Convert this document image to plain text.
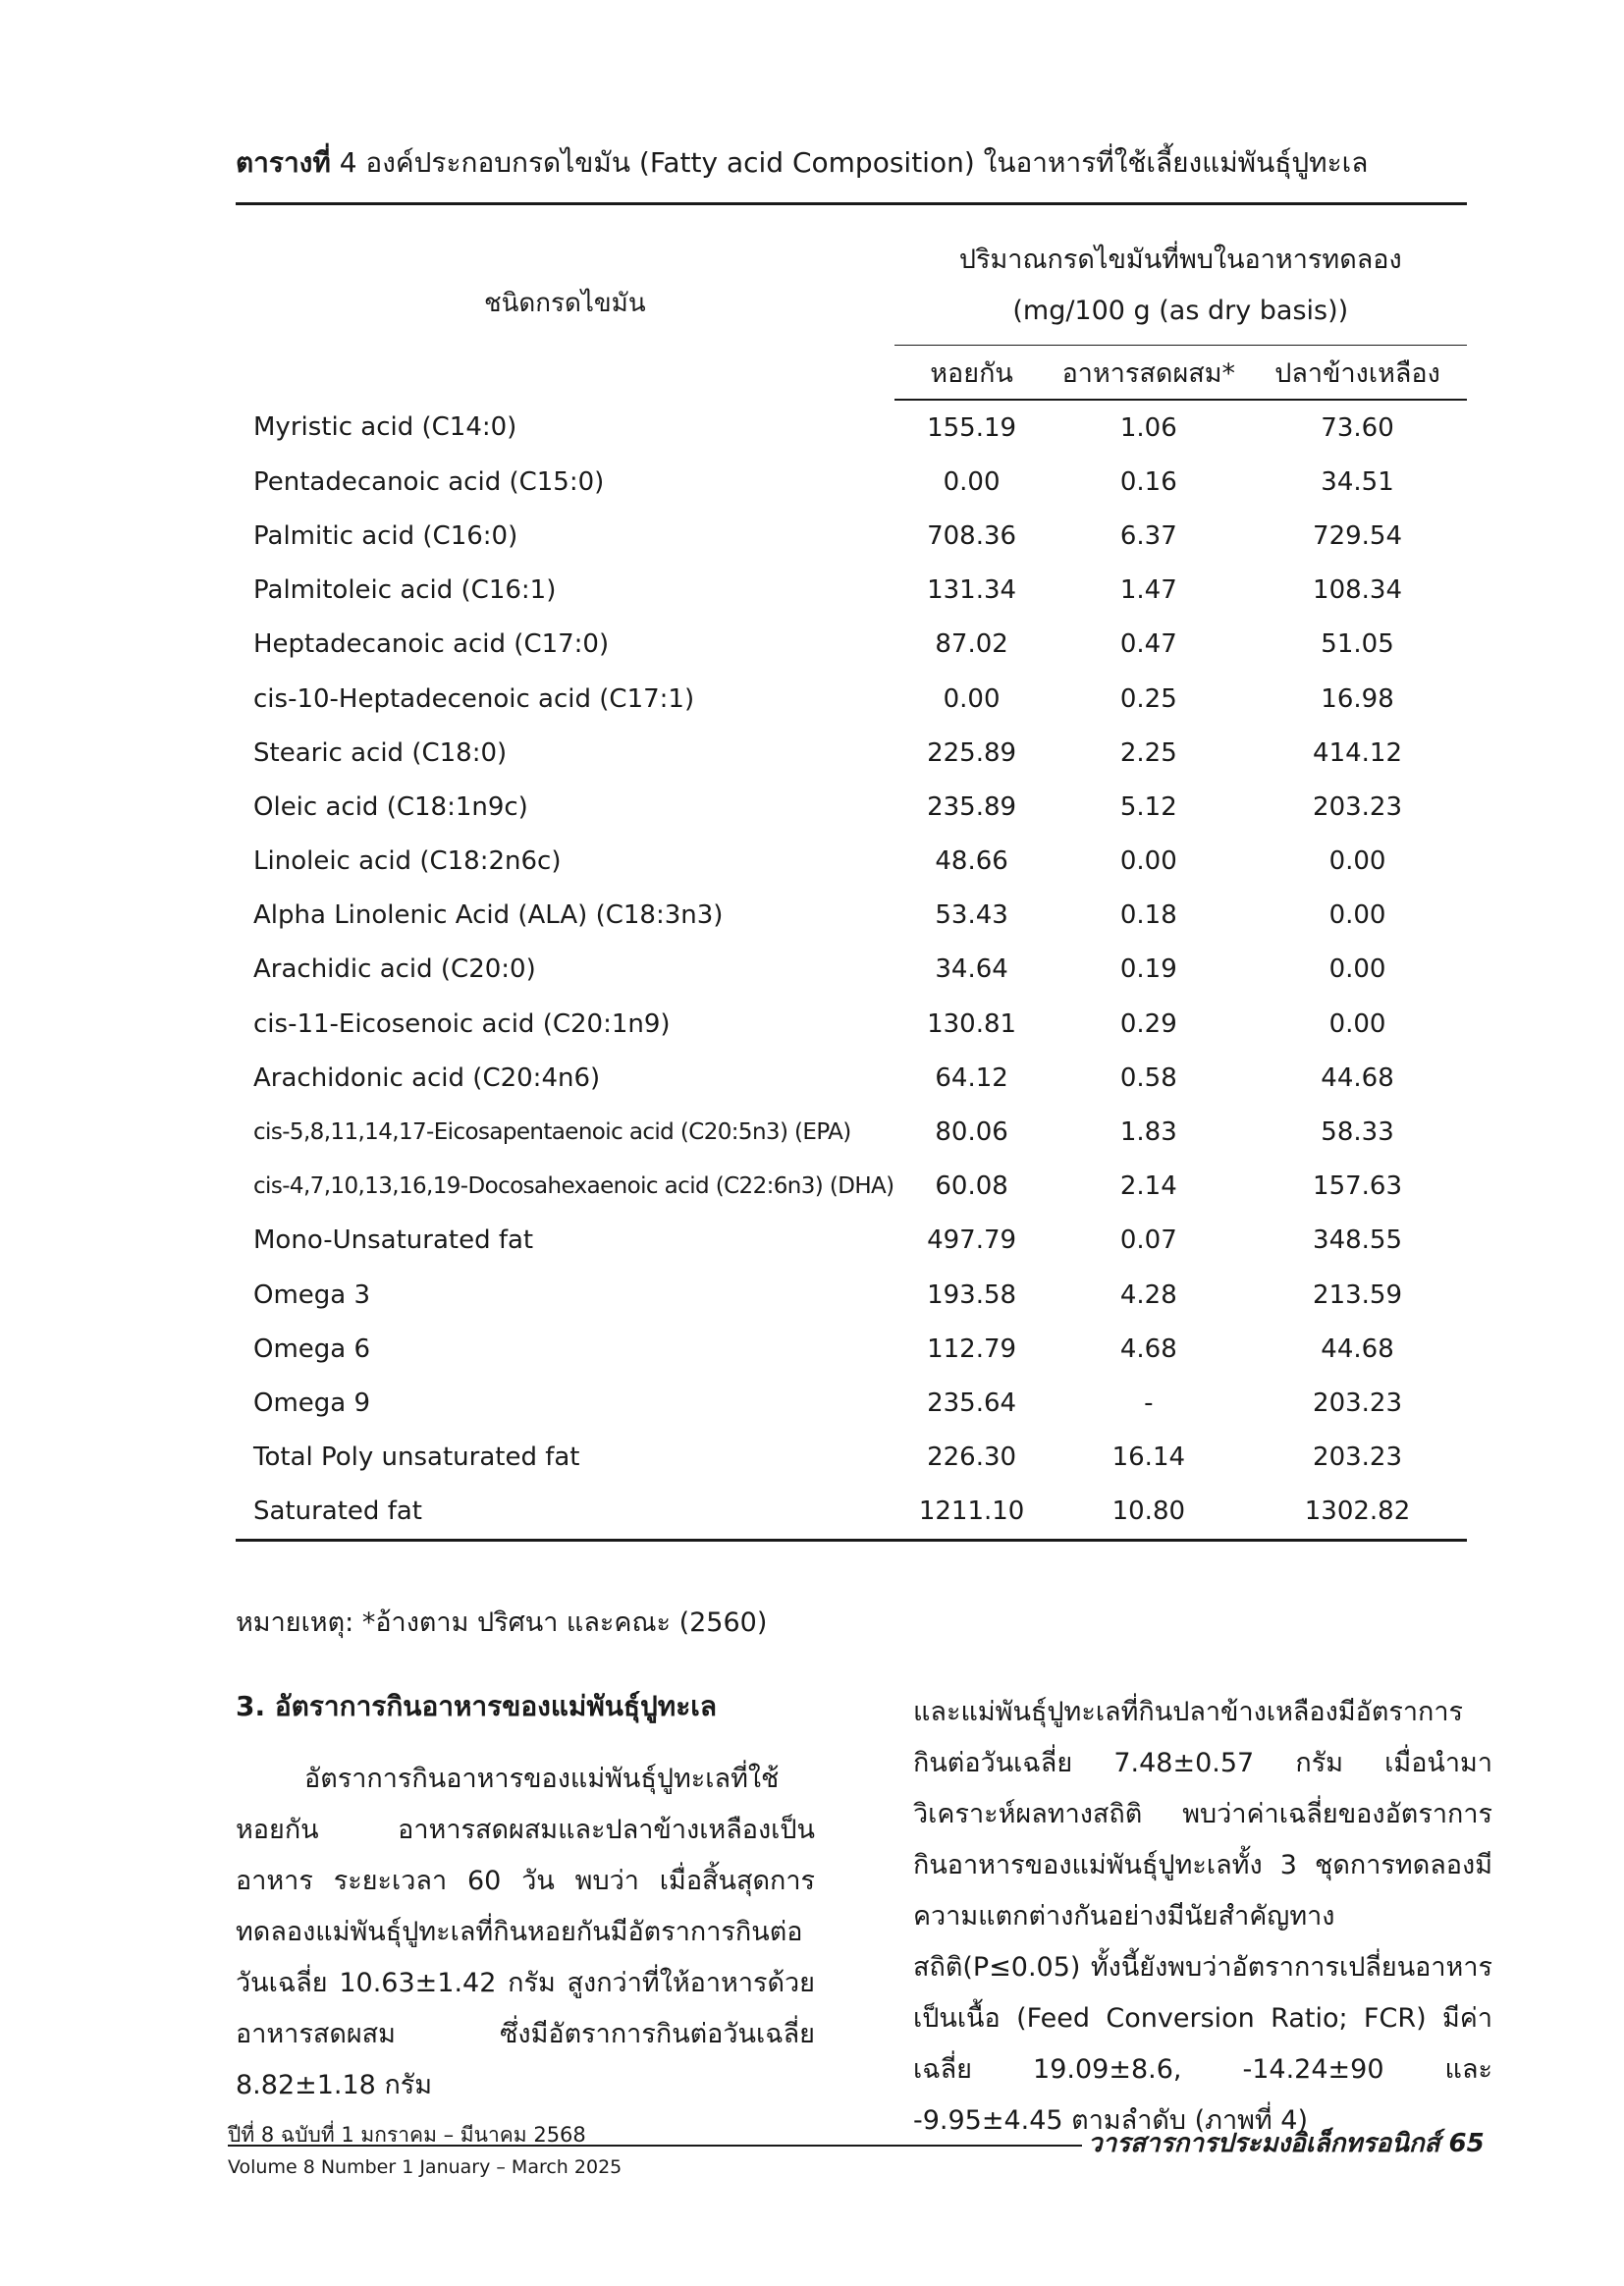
ตารางที่ 4 องค์ประกอบกรดไขมัน (Fatty acid Composition) ในอาหารที่ใช้เลี้ยงแม่พันธุ์ปูทะเล
ชนิดกรดไขมัน	ปริมาณกรดไขมันที่พบในอาหารทดลอง
(mg/100 g (as dry basis))		

	หอยกัน	อาหารสดผสม*	ปลาข้างเหลือง
Myristic acid (C14:0)	155.19	1.06	73.60
Pentadecanoic acid (C15:0)	0.00	0.16	34.51
Palmitic acid (C16:0)	708.36	6.37	729.54
Palmitoleic acid (C16:1)	131.34	1.47	108.34
Heptadecanoic acid (C17:0)	87.02	0.47	51.05
cis-10-Heptadecenoic acid (C17:1)	0.00	0.25	16.98
Stearic acid (C18:0)	225.89	2.25	414.12
Oleic acid (C18:1n9c)	235.89	5.12	203.23
Linoleic acid (C18:2n6c)	48.66	0.00	0.00
Alpha Linolenic Acid (ALA) (C18:3n3)	53.43	0.18	0.00
Arachidic acid (C20:0)	34.64	0.19	0.00
cis-11-Eicosenoic acid (C20:1n9)	130.81	0.29	0.00
Arachidonic acid (C20:4n6)	64.12	0.58	44.68
cis-5,8,11,14,17-Eicosapentaenoic acid (C20:5n3) (EPA)	80.06	1.83	58.33
cis-4,7,10,13,16,19-Docosahexaenoic acid (C22:6n3) (DHA)	60.08	2.14	157.63
Mono-Unsaturated fat	497.79	0.07	348.55
Omega 3	193.58	4.28	213.59
Omega 6	112.79	4.68	44.68
Omega 9	235.64	-	203.23
Total Poly unsaturated fat	226.30	16.14	203.23
Saturated fat	1211.10	10.80	1302.82
หมายเหตุ: *อ้างตาม ปริศนา และคณะ (2560)
3. อัตราการกินอาหารของแม่พันธุ์ปูทะเล

อัตราการกินอาหารของแม่พันธุ์ปูทะเลที่ใช้หอยกัน อาหารสดผสมและปลาข้างเหลืองเป็นอาหาร ระยะเวลา 60 วัน พบว่า เมื่อสิ้นสุดการทดลองแม่พันธุ์ปูทะเลที่กินหอยกันมีอัตราการกินต่อวันเฉลี่ย 10.63±1.42 กรัม สูงกว่าที่ให้อาหารด้วยอาหารสดผสม ซึ่งมีอัตราการกินต่อวันเฉลี่ย 8.82±1.18 กรัม

และแม่พันธุ์ปูทะเลที่กินปลาข้างเหลืองมีอัตราการกินต่อวันเฉลี่ย 7.48±0.57 กรัม เมื่อนำมาวิเคราะห์ผลทางสถิติ พบว่าค่าเฉลี่ยของอัตราการกินอาหารของแม่พันธุ์ปูทะเลทั้ง 3 ชุดการทดลองมีความแตกต่างกันอย่างมีนัยสำคัญทางสถิติ(P≤0.05) ทั้งนี้ยังพบว่าอัตราการเปลี่ยนอาหารเป็นเนื้อ (Feed Conversion Ratio; FCR) มีค่าเฉลี่ย 19.09±8.6, -14.24±90 และ -9.95±4.45 ตามลำดับ (ภาพที่ 4)

ปีที่ 8 ฉบับที่ 1 มกราคม – มีนาคม 2568
Volume 8 Number 1 January – March 2025
วารสารการประมงอิเล็กทรอนิกส์ 65
